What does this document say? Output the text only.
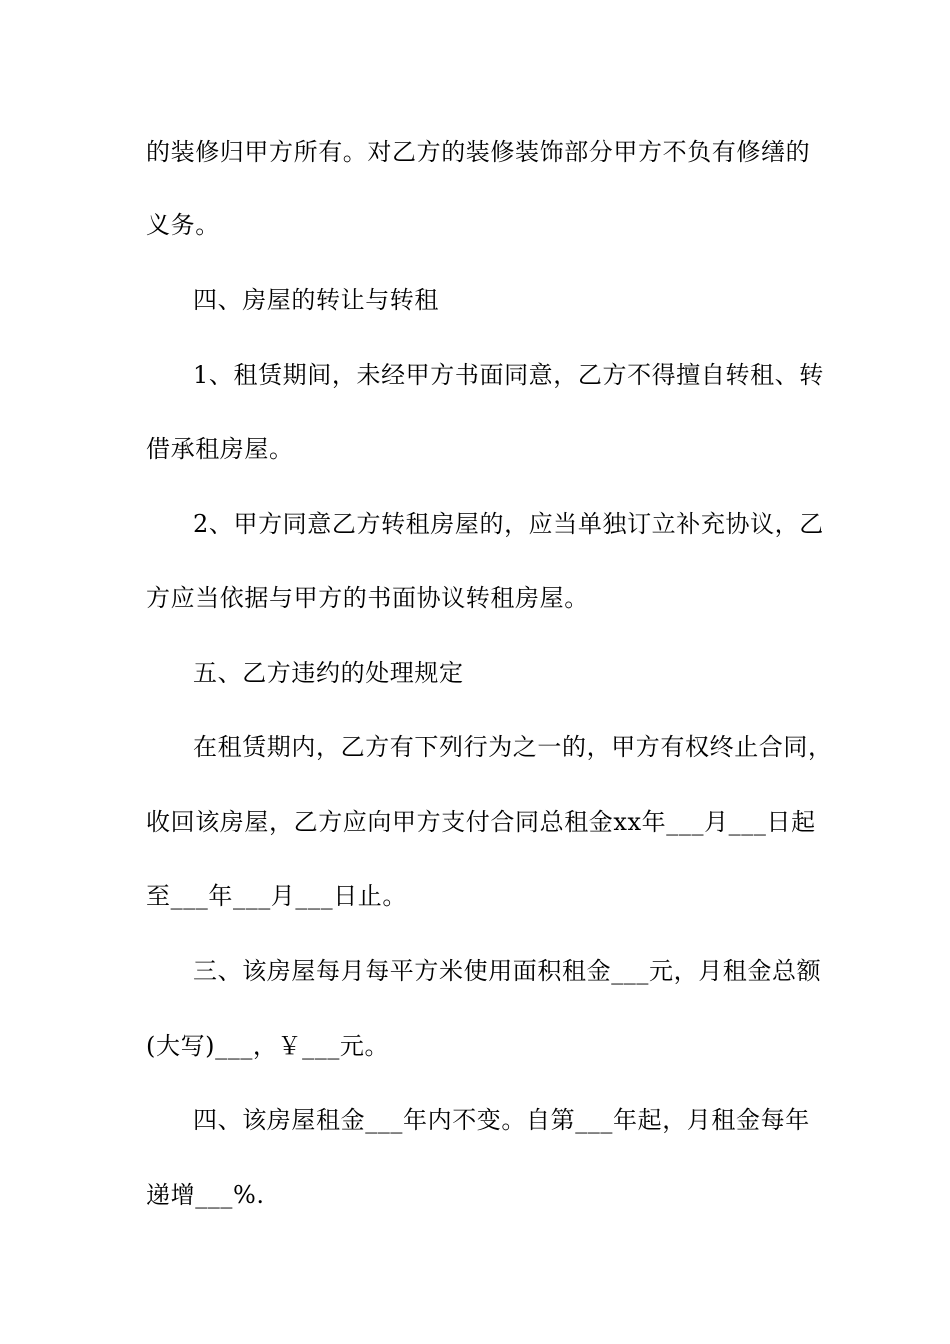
的装修归甲方所有。对乙方的装修装饰部分甲方不负有修缮的
义务。
四、房屋的转让与转租
1、租赁期间，未经甲方书面同意，乙方不得擅自转租、转
借承租房屋。
2、甲方同意乙方转租房屋的，应当单独订立补充协议，乙
方应当依据与甲方的书面协议转租房屋。
五、乙方违约的处理规定
在租赁期内，乙方有下列行为之一的，甲方有权终止合同，
收回该房屋，乙方应向甲方支付合同总租金xx年___月___日起
至___年___月___日止。
三、该房屋每月每平方米使用面积租金___元，月租金总额
(大写)___，￥___元。
四、该房屋租金___年内不变。自第___年起，月租金每年
递增___%.
